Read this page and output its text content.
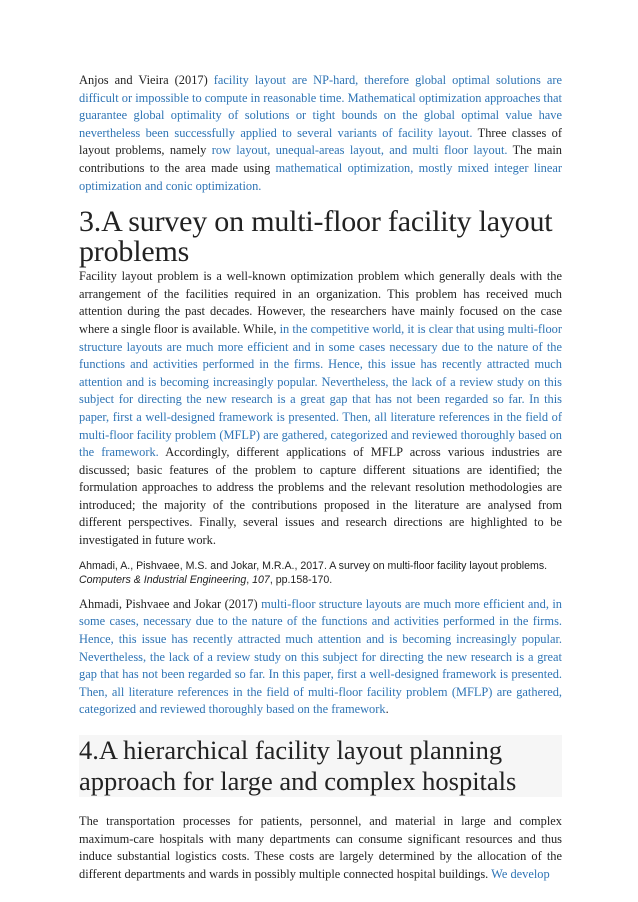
Anjos and Vieira (2017) facility layout are NP-hard, therefore global optimal solutions are difficult or impossible to compute in reasonable time. Mathematical optimization approaches that guarantee global optimality of solutions or tight bounds on the global optimal value have nevertheless been successfully applied to several variants of facility layout. Three classes of layout problems, namely row layout, unequal-areas layout, and multi floor layout. The main contributions to the area made using mathematical optimization, mostly mixed integer linear optimization and conic optimization.

3.A survey on multi-floor facility layout problems

Facility layout problem is a well-known optimization problem which generally deals with the arrangement of the facilities required in an organization. This problem has received much attention during the past decades. However, the researchers have mainly focused on the case where a single floor is available. While, in the competitive world, it is clear that using multi-floor structure layouts are much more efficient and in some cases necessary due to the nature of the functions and activities performed in the firms. Hence, this issue has recently attracted much attention and is becoming increasingly popular. Nevertheless, the lack of a review study on this subject for directing the new research is a great gap that has not been regarded so far. In this paper, first a well-designed framework is presented. Then, all literature references in the field of multi-floor facility problem (MFLP) are gathered, categorized and reviewed thoroughly based on the framework. Accordingly, different applications of MFLP across various industries are discussed; basic features of the problem to capture different situations are identified; the formulation approaches to address the problems and the relevant resolution methodologies are introduced; the majority of the contributions proposed in the literature are analysed from different perspectives. Finally, several issues and research directions are highlighted to be investigated in future work.

Ahmadi, A., Pishvaee, M.S. and Jokar, M.R.A., 2017. A survey on multi-floor facility layout problems. Computers & Industrial Engineering, 107, pp.158-170.

Ahmadi, Pishvaee and Jokar (2017) multi-floor structure layouts are much more efficient and, in some cases, necessary due to the nature of the functions and activities performed in the firms. Hence, this issue has recently attracted much attention and is becoming increasingly popular. Nevertheless, the lack of a review study on this subject for directing the new research is a great gap that has not been regarded so far. In this paper, first a well-designed framework is presented. Then, all literature references in the field of multi-floor facility problem (MFLP) are gathered, categorized and reviewed thoroughly based on the framework.

4.A hierarchical facility layout planning approach for large and complex hospitals

The transportation processes for patients, personnel, and material in large and complex maximum-care hospitals with many departments can consume significant resources and thus induce substantial logistics costs. These costs are largely determined by the allocation of the different departments and wards in possibly multiple connected hospital buildings. We develop
